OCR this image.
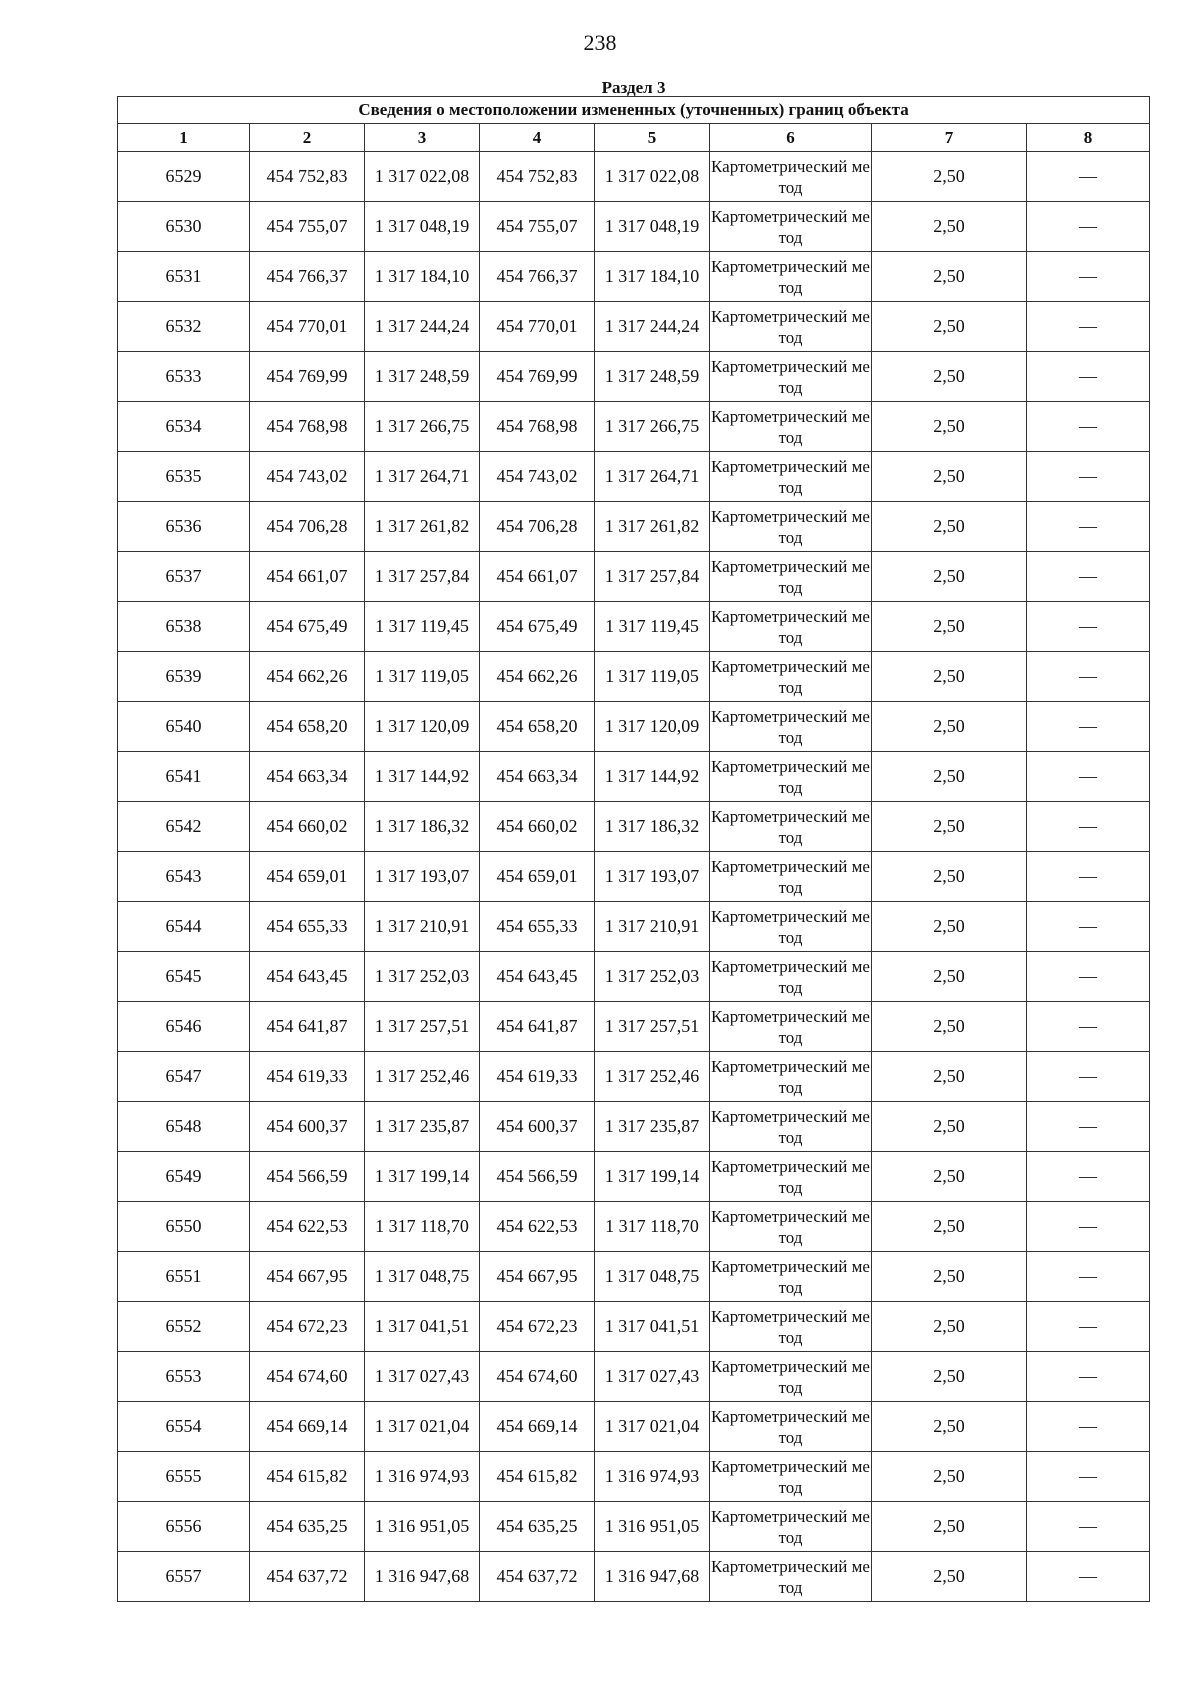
238
Раздел 3							
Сведения о местоположении измененных (уточненных) границ объекта							
1	2	3	4	5	6	7	8
6529	454 752,83	1 317 022,08	454 752,83	1 317 022,08	Картометрический метод	2,50	—
6530	454 755,07	1 317 048,19	454 755,07	1 317 048,19	Картометрический метод	2,50	—
6531	454 766,37	1 317 184,10	454 766,37	1 317 184,10	Картометрический метод	2,50	—
6532	454 770,01	1 317 244,24	454 770,01	1 317 244,24	Картометрический метод	2,50	—
6533	454 769,99	1 317 248,59	454 769,99	1 317 248,59	Картометрический метод	2,50	—
6534	454 768,98	1 317 266,75	454 768,98	1 317 266,75	Картометрический метод	2,50	—
6535	454 743,02	1 317 264,71	454 743,02	1 317 264,71	Картометрический метод	2,50	—
6536	454 706,28	1 317 261,82	454 706,28	1 317 261,82	Картометрический метод	2,50	—
6537	454 661,07	1 317 257,84	454 661,07	1 317 257,84	Картометрический метод	2,50	—
6538	454 675,49	1 317 119,45	454 675,49	1 317 119,45	Картометрический метод	2,50	—
6539	454 662,26	1 317 119,05	454 662,26	1 317 119,05	Картометрический метод	2,50	—
6540	454 658,20	1 317 120,09	454 658,20	1 317 120,09	Картометрический метод	2,50	—
6541	454 663,34	1 317 144,92	454 663,34	1 317 144,92	Картометрический метод	2,50	—
6542	454 660,02	1 317 186,32	454 660,02	1 317 186,32	Картометрический метод	2,50	—
6543	454 659,01	1 317 193,07	454 659,01	1 317 193,07	Картометрический метод	2,50	—
6544	454 655,33	1 317 210,91	454 655,33	1 317 210,91	Картометрический метод	2,50	—
6545	454 643,45	1 317 252,03	454 643,45	1 317 252,03	Картометрический метод	2,50	—
6546	454 641,87	1 317 257,51	454 641,87	1 317 257,51	Картометрический метод	2,50	—
6547	454 619,33	1 317 252,46	454 619,33	1 317 252,46	Картометрический метод	2,50	—
6548	454 600,37	1 317 235,87	454 600,37	1 317 235,87	Картометрический метод	2,50	—
6549	454 566,59	1 317 199,14	454 566,59	1 317 199,14	Картометрический метод	2,50	—
6550	454 622,53	1 317 118,70	454 622,53	1 317 118,70	Картометрический метод	2,50	—
6551	454 667,95	1 317 048,75	454 667,95	1 317 048,75	Картометрический метод	2,50	—
6552	454 672,23	1 317 041,51	454 672,23	1 317 041,51	Картометрический метод	2,50	—
6553	454 674,60	1 317 027,43	454 674,60	1 317 027,43	Картометрический метод	2,50	—
6554	454 669,14	1 317 021,04	454 669,14	1 317 021,04	Картометрический метод	2,50	—
6555	454 615,82	1 316 974,93	454 615,82	1 316 974,93	Картометрический метод	2,50	—
6556	454 635,25	1 316 951,05	454 635,25	1 316 951,05	Картометрический метод	2,50	—
6557	454 637,72	1 316 947,68	454 637,72	1 316 947,68	Картометрический метод	2,50	—
